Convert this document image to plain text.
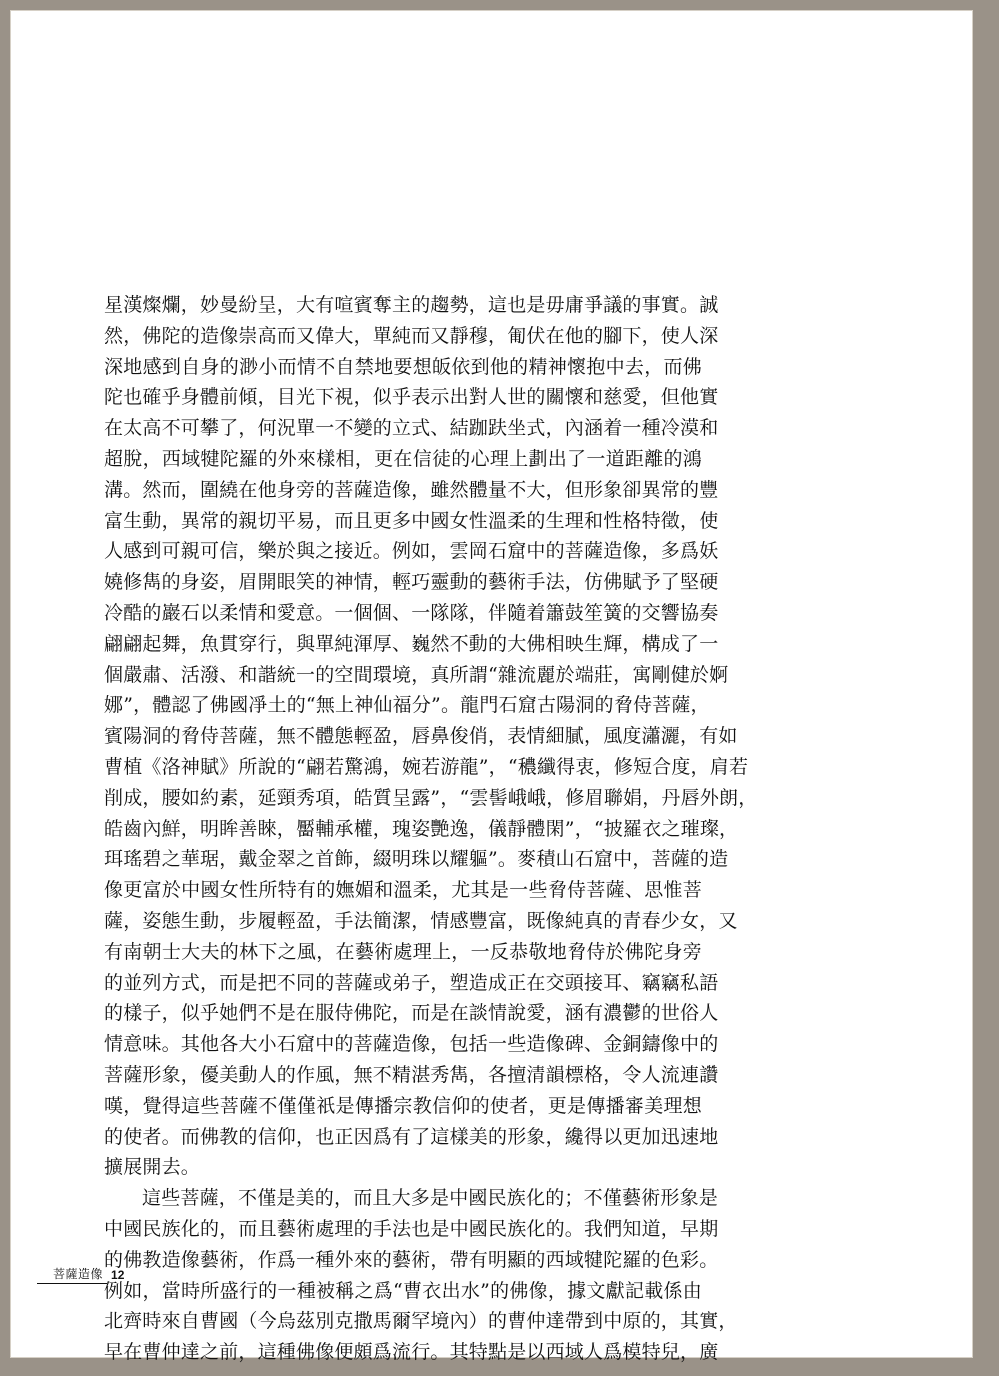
星漢燦爛，妙曼紛呈，大有喧賓奪主的趨勢，這也是毋庸爭議的事實。誠
然，佛陀的造像崇高而又偉大，單純而又靜穆，匍伏在他的腳下，使人深
深地感到自身的渺小而情不自禁地要想皈依到他的精神懷抱中去，而佛
陀也確乎身體前傾，目光下視，似乎表示出對人世的關懷和慈愛，但他實
在太高不可攀了，何況單一不變的立式、結跏趺坐式，內涵着一種冷漠和
超脫，西域犍陀羅的外來樣相，更在信徒的心理上劃出了一道距離的鴻
溝。然而，圍繞在他身旁的菩薩造像，雖然體量不大，但形象卻異常的豐
富生動，異常的親切平易，而且更多中國女性溫柔的生理和性格特徵，使
人感到可親可信，樂於與之接近。例如，雲岡石窟中的菩薩造像，多爲妖
嬈修雋的身姿，眉開眼笑的神情，輕巧靈動的藝術手法，仿佛賦予了堅硬
冷酷的巖石以柔情和愛意。一個個、一隊隊，伴隨着簫鼓笙簧的交響協奏
翩翩起舞，魚貫穿行，與單純渾厚、巍然不動的大佛相映生輝，構成了一
個嚴肅、活潑、和諧統一的空間環境，真所謂“雜流麗於端莊，寓剛健於婀
娜”，體認了佛國凈土的“無上神仙福分”。龍門石窟古陽洞的脅侍菩薩，
賓陽洞的脅侍菩薩，無不體態輕盈，唇鼻俊俏，表情細膩，風度瀟灑，有如
曹植《洛神賦》所說的“翩若驚鴻，婉若游龍”，“穠纖得衷，修短合度，肩若
削成，腰如約素，延頸秀項，皓質呈露”，“雲髻峨峨，修眉聯娟，丹唇外朗，
皓齒內鮮，明眸善睞，靨輔承權，瑰姿艷逸，儀靜體閑”，“披羅衣之璀璨，
珥瑤碧之華琚，戴金翠之首飾，綴明珠以耀軀”。麥積山石窟中，菩薩的造
像更富於中國女性所特有的嫵媚和溫柔，尤其是一些脅侍菩薩、思惟菩
薩，姿態生動，步履輕盈，手法簡潔，情感豐富，既像純真的青春少女，又
有南朝士大夫的林下之風，在藝術處理上，一反恭敬地脅侍於佛陀身旁
的並列方式，而是把不同的菩薩或弟子，塑造成正在交頭接耳、竊竊私語
的樣子，似乎她們不是在服侍佛陀，而是在談情說愛，涵有濃鬱的世俗人
情意味。其他各大小石窟中的菩薩造像，包括一些造像碑、金銅鑄像中的
菩薩形象，優美動人的作風，無不精湛秀雋，各擅清韻標格，令人流連讚
嘆，覺得這些菩薩不僅僅祇是傳播宗教信仰的使者，更是傳播審美理想
的使者。而佛教的信仰，也正因爲有了這樣美的形象，纔得以更加迅速地
擴展開去。

這些菩薩，不僅是美的，而且大多是中國民族化的；不僅藝術形象是
中國民族化的，而且藝術處理的手法也是中國民族化的。我們知道，早期
的佛教造像藝術，作爲一種外來的藝術，帶有明顯的西域犍陀羅的色彩。
例如，當時所盛行的一種被稱之爲“曹衣出水”的佛像，據文獻記載係由
北齊時來自曹國（今烏茲別克撒馬爾罕境內）的曹仲達帶到中原的，其實，
早在曹仲達之前，這種佛像便頗爲流行。其特點是以西域人爲模特兒，廣

菩薩造像 12
